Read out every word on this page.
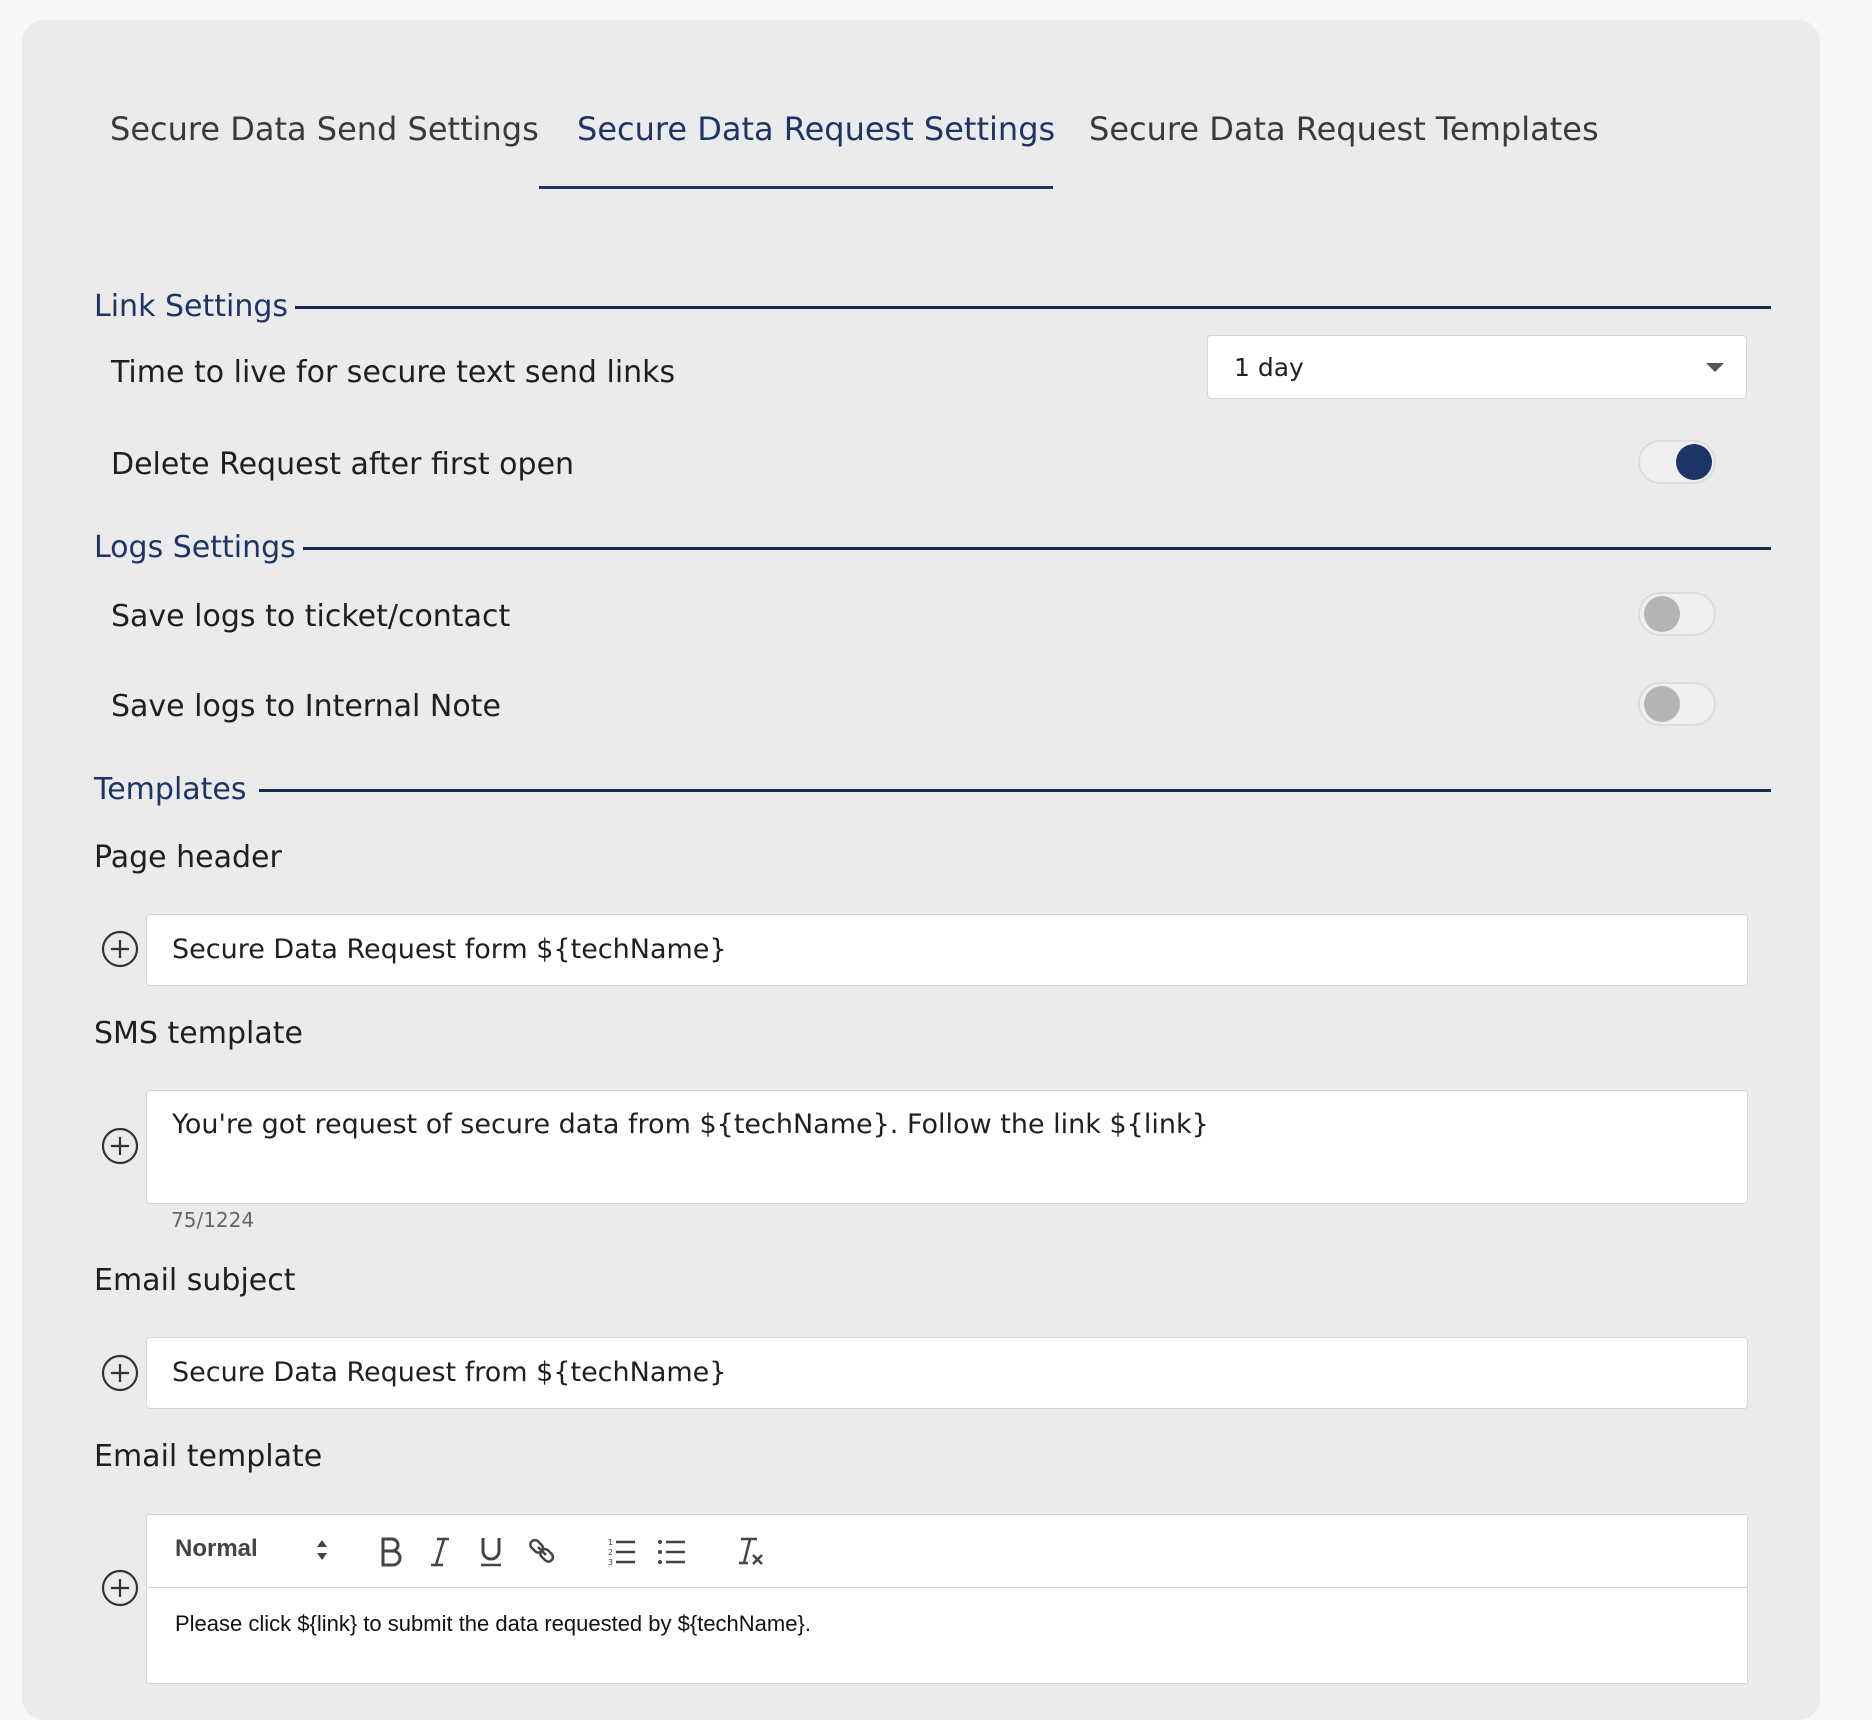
Secure Data Send Settings Secure Data Request Settings Secure Data Request Templates
Link Settings
Time to live for secure text send links	1 day
Delete Request after first open
Logs Settings
Save logs to ticket/contact
Save logs to Internal Note
Templates
Page header
Secure Data Request form ${techName}
SMS template
You're got request of secure data from ${techName}. Follow the link ${link}
75/1224
Email subject
Secure Data Request from ${techName}
Email template
Normal	1
2
3
Please click ${link} to submit the data requested by ${techName}.
